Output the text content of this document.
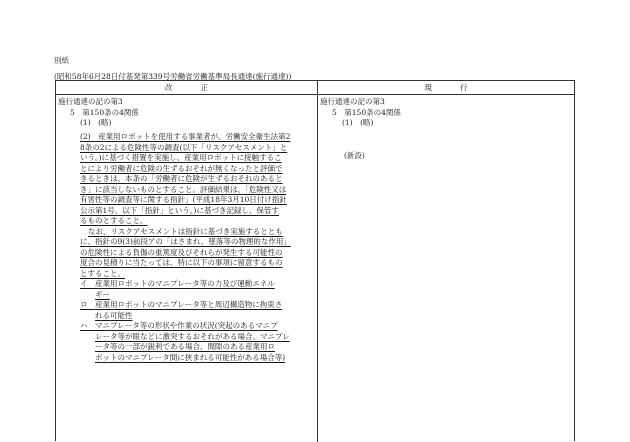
別紙
(昭和58年6月28日付基発第339号労働省労働基準局長通達(施行通達))
改正	現行
施行通達の記の第3
5　第150条の4関係
(1)　(略)
(2)　産業用ロボットを使用する事業者が、労働安全衛生法第2
8条の2による危険性等の調査(以下「リスクアセスメント」と
いう。)に基づく措置を実施し、産業用ロボットに接触するこ
とにより労働者に危険の生ずるおそれが無くなったと評価で
きるときは、本条の「労働者に危険が生ずるおそれのあると
き」に該当しないものとすること。評価結果は、「危険性又は
有害性等の調査等に関する指針」(平成18年3月10日付け指針
公示第1号。以下「指針」という。)に基づき記録し、保管す
るものとすること。
なお、リスクアセスメントは指針に基づき実施するととも
に、指針の9(3)前段アの「はさまれ、墜落等の物理的な作用」
の危険性による負傷の重篤度及びそれらが発生する可能性の
度合の見積りに当たっては、特に以下の事項に留意するもの
とすること。
イ　産業用ロボットのマニプレータ等の力及び運動エネル
ギー
ロ　産業用ロボットのマニプレータ等と周辺構造物に拘束さ
れる可能性
ハ　マニプレータ等の形状や作業の状況(突起のあるマニプ
レータ等が眼などに激突するおそれがある場合、マニプレ
ータ等の一部が鋭利である場合、間隙のある産業用ロ
ボットのマニプレータ間に挟まれる可能性がある場合等)
施行通達の記の第3
5　第150条の4関係
(1)　(略)
(新設)
